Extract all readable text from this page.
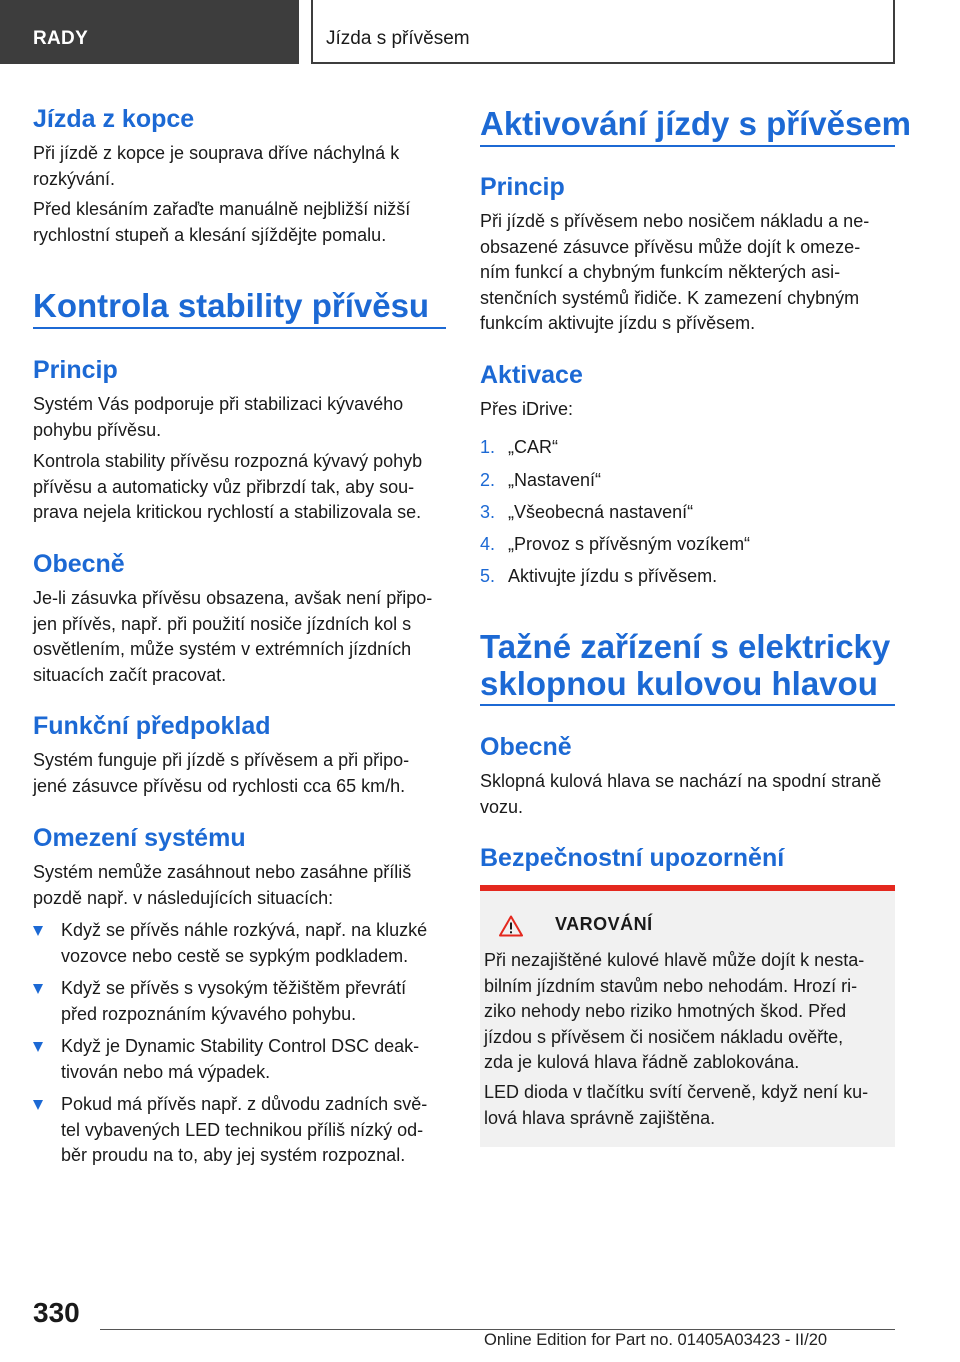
RADY	Jízda s přívěsem
Jízda z kopce
Při jízdě z kopce je souprava dříve náchylná k
rozkývání.
Před klesáním zařaďte manuálně nejbližší nižší
rychlostní stupeň a klesání sjíždějte pomalu.
Kontrola stability přívěsu
Princip
Systém Vás podporuje při stabilizaci kývavého
pohybu přívěsu.
Kontrola stability přívěsu rozpozná kývavý pohyb
přívěsu a automaticky vůz přibrzdí tak, aby sou-
prava nejela kritickou rychlostí a stabilizovala se.
Obecně
Je-li zásuvka přívěsu obsazena, avšak není připo-
jen přívěs, např. při použití nosiče jízdních kol s
osvětlením, může systém v extrémních jízdních
situacích začít pracovat.
Funkční předpoklad
Systém funguje při jízdě s přívěsem a při připo-
jené zásuvce přívěsu od rychlosti cca 65 km/h.
Omezení systému
Systém nemůže zasáhnout nebo zasáhne příliš
pozdě např. v následujících situacích:
Když se přívěs náhle rozkývá, např. na kluzké
vozovce nebo cestě se sypkým podkladem.
Když se přívěs s vysokým těžištěm převrátí
před rozpoznáním kývavého pohybu.
Když je Dynamic Stability Control DSC deak-
tivován nebo má výpadek.
Pokud má přívěs např. z důvodu zadních svě-
tel vybavených LED technikou příliš nízký od-
běr proudu na to, aby jej systém rozpoznal.
Aktivování jízdy s přívěsem
Princip
Při jízdě s přívěsem nebo nosičem nákladu a ne-
obsazené zásuvce přívěsu může dojít k omeze-
ním funkcí a chybným funkcím některých asi-
stenčních systémů řidiče. K zamezení chybným
funkcím aktivujte jízdu s přívěsem.
Aktivace
Přes iDrive:
1. „CAR“
2. „Nastavení“
3. „Všeobecná nastavení“
4. „Provoz s přívěsným vozíkem“
5. Aktivujte jízdu s přívěsem.
Tažné zařízení s elektricky
sklopnou kulovou hlavou
Obecně
Sklopná kulová hlava se nachází na spodní straně
vozu.
Bezpečnostní upozornění
VAROVÁNÍ
Při nezajištěné kulové hlavě může dojít k nesta-
bilním jízdním stavům nebo nehodám. Hrozí ri-
ziko nehody nebo riziko hmotných škod. Před
jízdou s přívěsem či nosičem nákladu ověřte,
zda je kulová hlava řádně zablokována.
LED dioda v tlačítku svítí červeně, když není ku-
lová hlava správně zajištěna.
330
Online Edition for Part no. 01405A03423 - II/20
